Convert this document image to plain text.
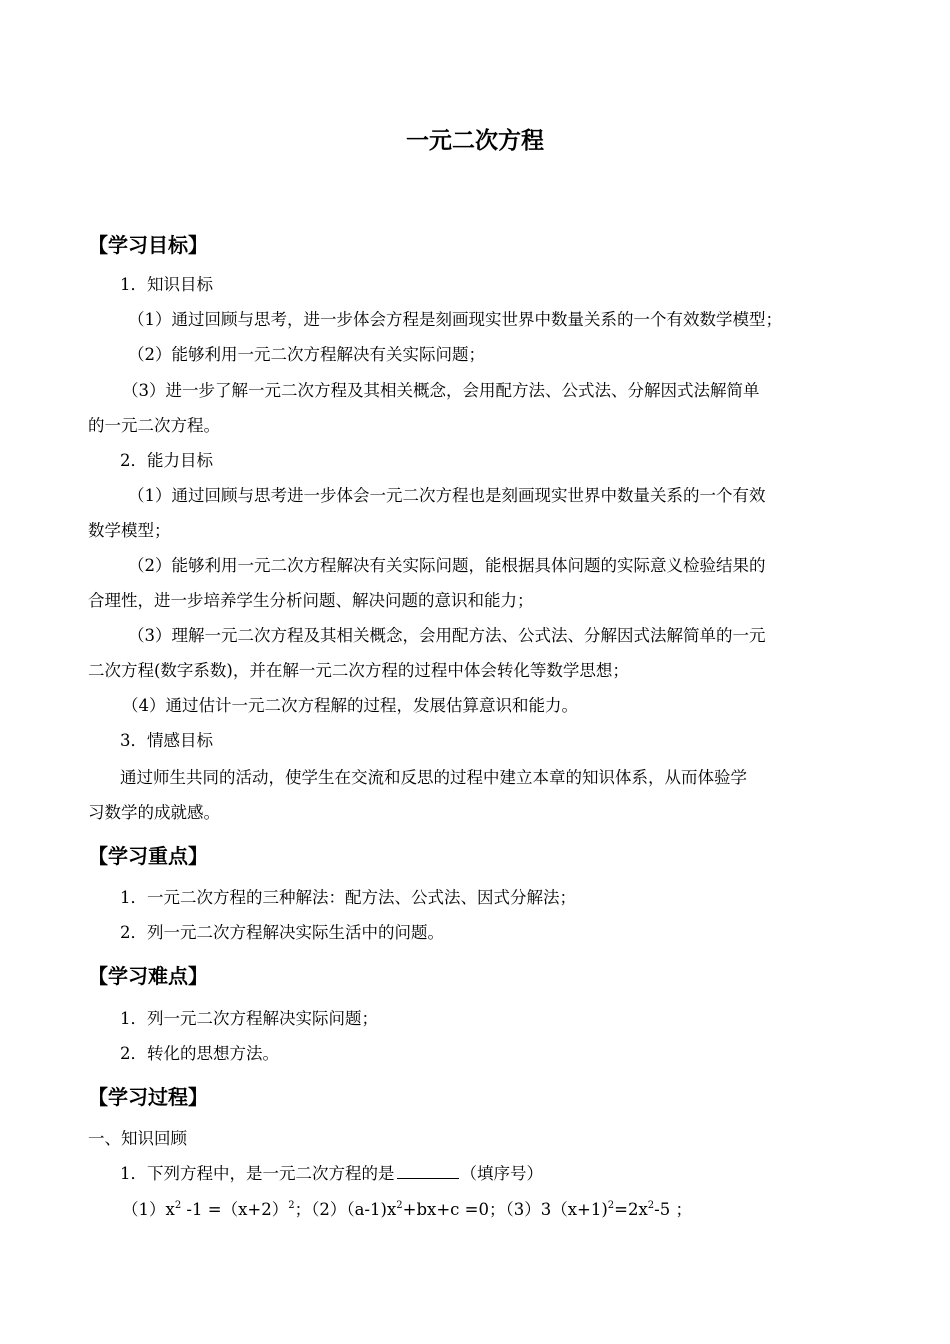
一元二次方程
【学习目标】
1．知识目标
（1）通过回顾与思考，进一步体会方程是刻画现实世界中数量关系的一个有效数学模型；
（2）能够利用一元二次方程解决有关实际问题；
（3）进一步了解一元二次方程及其相关概念，会用配方法、公式法、分解因式法解简单
的一元二次方程。
2．能力目标
（1）通过回顾与思考进一步体会一元二次方程也是刻画现实世界中数量关系的一个有效
数学模型；
（2）能够利用一元二次方程解决有关实际问题，能根据具体问题的实际意义检验结果的
合理性，进一步培养学生分析问题、解决问题的意识和能力；
（3）理解一元二次方程及其相关概念，会用配方法、公式法、分解因式法解简单的一元
二次方程(数字系数)，并在解一元二次方程的过程中体会转化等数学思想；
（4）通过估计一元二次方程解的过程，发展估算意识和能力。
3．情感目标
通过师生共同的活动，使学生在交流和反思的过程中建立本章的知识体系，从而体验学
习数学的成就感。
【学习重点】
1．一元二次方程的三种解法：配方法、公式法、因式分解法；
2．列一元二次方程解决实际生活中的问题。
【学习难点】
1．列一元二次方程解决实际问题；
2．转化的思想方法。
【学习过程】
一、知识回顾
1．下列方程中，是一元二次方程的是	（填序号）
$(1)x^2$ $-1 =(x+2)^2$；$(2)(a-1)x^2+bx+c =0$；$(3)3(x+1)^2=2x^2-5$ ；
